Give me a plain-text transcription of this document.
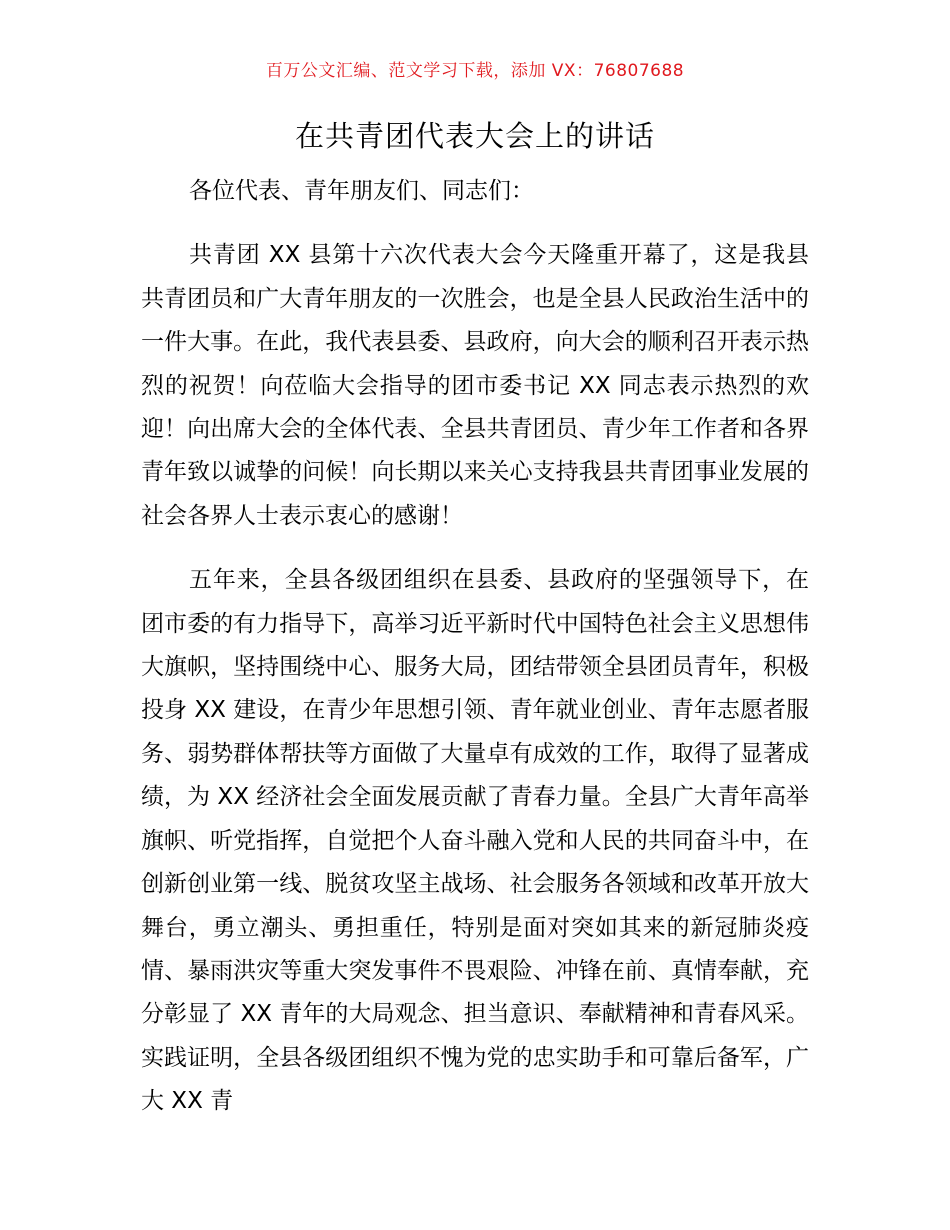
百万公文汇编、范文学习下载，添加 VX：76807688
在共青团代表大会上的讲话

各位代表、青年朋友们、同志们：

共青团 XX 县第十六次代表大会今天隆重开幕了，这是我县共青团员和广大青年朋友的一次胜会，也是全县人民政治生活中的一件大事。在此，我代表县委、县政府，向大会的顺利召开表示热烈的祝贺！向莅临大会指导的团市委书记 XX 同志表示热烈的欢迎！向出席大会的全体代表、全县共青团员、青少年工作者和各界青年致以诚挚的问候！向长期以来关心支持我县共青团事业发展的社会各界人士表示衷心的感谢！

五年来，全县各级团组织在县委、县政府的坚强领导下，在团市委的有力指导下，高举习近平新时代中国特色社会主义思想伟大旗帜，坚持围绕中心、服务大局，团结带领全县团员青年，积极投身 XX 建设，在青少年思想引领、青年就业创业、青年志愿者服务、弱势群体帮扶等方面做了大量卓有成效的工作，取得了显著成绩，为 XX 经济社会全面发展贡献了青春力量。全县广大青年高举旗帜、听党指挥，自觉把个人奋斗融入党和人民的共同奋斗中，在创新创业第一线、脱贫攻坚主战场、社会服务各领域和改革开放大舞台，勇立潮头、勇担重任，特别是面对突如其来的新冠肺炎疫情、暴雨洪灾等重大突发事件不畏艰险、冲锋在前、真情奉献，充分彰显了 XX 青年的大局观念、担当意识、奉献精神和青春风采。实践证明，全县各级团组织不愧为党的忠实助手和可靠后备军，广大 XX 青
